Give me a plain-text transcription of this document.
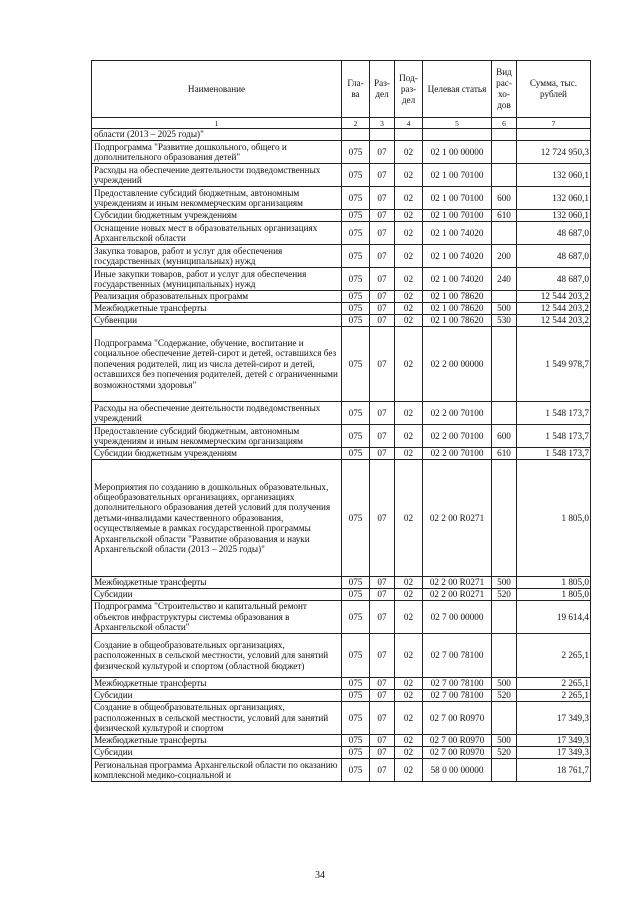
Наименование	Гла-ва	Раз-дел	Под-раз-дел	Целевая статья	Вид рас-хо-дов	Сумма, тыс. рублей
1	2	3	4	5	6	7
области (2013 – 2025 годы)"						
Подпрограмма "Развитие дошкольного, общего и дополнительного образования детей"	075	07	02	02 1 00 00000		12 724 950,3
Расходы на обеспечение деятельности подведомственных учреждений	075	07	02	02 1 00 70100		132 060,1
Предоставление субсидий бюджетным, автономным учреждениям и иным некоммерческим организациям	075	07	02	02 1 00 70100	600	132 060,1
Субсидии бюджетным учреждениям	075	07	02	02 1 00 70100	610	132 060,1
Оснащение новых мест в образовательных организациях Архангельской области	075	07	02	02 1 00 74020		48 687,0
Закупка товаров, работ и услуг для обеспечения государственных (муниципальных) нужд	075	07	02	02 1 00 74020	200	48 687,0
Иные закупки товаров, работ и услуг для обеспечения государственных (муниципальных) нужд	075	07	02	02 1 00 74020	240	48 687,0
Реализация образовательных программ	075	07	02	02 1 00 78620		12 544 203,2
Межбюджетные трансферты	075	07	02	02 1 00 78620	500	12 544 203,2
Субвенции	075	07	02	02 1 00 78620	530	12 544 203,2
Подпрограмма "Содержание, обучение, воспитание и социальное обеспечение детей-сирот и детей, оставшихся без попечения родителей, лиц из числа детей-сирот и детей, оставшихся без попечения родителей, детей с ограниченными возможностями здоровья"	075	07	02	02 2 00 00000		1 549 978,7
Расходы на обеспечение деятельности подведомственных учреждений	075	07	02	02 2 00 70100		1 548 173,7
Предоставление субсидий бюджетным, автономным учреждениям и иным некоммерческим организациям	075	07	02	02 2 00 70100	600	1 548 173,7
Субсидии бюджетным учреждениям	075	07	02	02 2 00 70100	610	1 548 173,7
Мероприятия по созданию в дошкольных образовательных, общеобразовательных организациях, организациях дополнительного образования детей условий для получения детьми-инвалидами качественного образования, осуществляемые в рамках государственной программы Архангельской области "Развитие образования и науки Архангельской области (2013 – 2025 годы)"	075	07	02	02 2 00 R0271		1 805,0
Межбюджетные трансферты	075	07	02	02 2 00 R0271	500	1 805,0
Субсидии	075	07	02	02 2 00 R0271	520	1 805,0
Подпрограмма "Строительство и капитальный ремонт объектов инфраструктуры системы образования в Архангельской области"	075	07	02	02 7 00 00000		19 614,4
Создание в общеобразовательных организациях, расположенных в сельской местности, условий для занятий физической культурой и спортом (областной бюджет)	075	07	02	02 7 00 78100		2 265,1
Межбюджетные трансферты	075	07	02	02 7 00 78100	500	2 265,1
Субсидии	075	07	02	02 7 00 78100	520	2 265,1
Создание в общеобразовательных организациях, расположенных в сельской местности, условий для занятий физической культурой и спортом	075	07	02	02 7 00 R0970		17 349,3
Межбюджетные трансферты	075	07	02	02 7 00 R0970	500	17 349,3
Субсидии	075	07	02	02 7 00 R0970	520	17 349,3
Региональная программа Архангельской области по оказанию комплексной медико-социальной и	075	07	02	58 0 00 00000		18 761,7
34
